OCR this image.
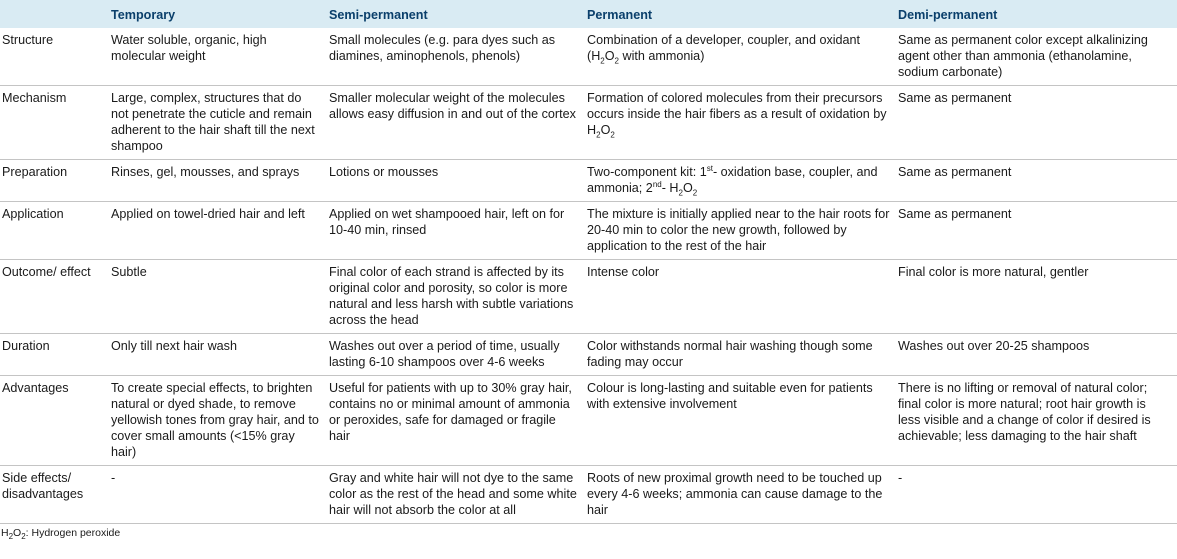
	Temporary	Semi-permanent	Permanent	Demi-permanent
Structure	Water soluble, organic, high molecular weight	Small molecules (e.g. para dyes such as diamines, aminophenols, phenols)	Combination of a developer, coupler, and oxidant ($H_2O_2$ with ammonia)	Same as permanent color except alkalinizing agent other than ammonia (ethanolamine, sodium carbonate)
Mechanism	Large, complex, structures that do not penetrate the cuticle and remain adherent to the hair shaft till the next shampoo	Smaller molecular weight of the molecules allows easy diffusion in and out of the cortex	Formation of colored molecules from their precursors occurs inside the hair fibers as a result of oxidation by $H_2O_2$	Same as permanent
Preparation	Rinses, gel, mousses, and sprays	Lotions or mousses	Two-component kit: 1st- oxidation base, coupler, and ammonia; 2nd- $H_2O_2$	Same as permanent
Application	Applied on towel-dried hair and left	Applied on wet shampooed hair, left on for 10-40 min, rinsed	The mixture is initially applied near to the hair roots for 20-40 min to color the new growth, followed by application to the rest of the hair	Same as permanent
Outcome/ effect	Subtle	Final color of each strand is affected by its original color and porosity, so color is more natural and less harsh with subtle variations across the head	Intense color	Final color is more natural, gentler
Duration	Only till next hair wash	Washes out over a period of time, usually lasting 6-10 shampoos over 4-6 weeks	Color withstands normal hair washing though some fading may occur	Washes out over 20-25 shampoos
Advantages	To create special effects, to brighten natural or dyed shade, to remove yellowish tones from gray hair, and to cover small amounts (<15% gray hair)	Useful for patients with up to 30% gray hair, contains no or minimal amount of ammonia or peroxides, safe for damaged or fragile hair	Colour is long-lasting and suitable even for patients with extensive involvement	There is no lifting or removal of natural color; final color is more natural; root hair growth is less visible and a change of color if desired is achievable; less damaging to the hair shaft
Side effects/ disadvantages	-	Gray and white hair will not dye to the same color as the rest of the head and some white hair will not absorb the color at all	Roots of new proximal growth need to be touched up every 4-6 weeks; ammonia can cause damage to the hair	-
$H_2O_2$: Hydrogen peroxide
